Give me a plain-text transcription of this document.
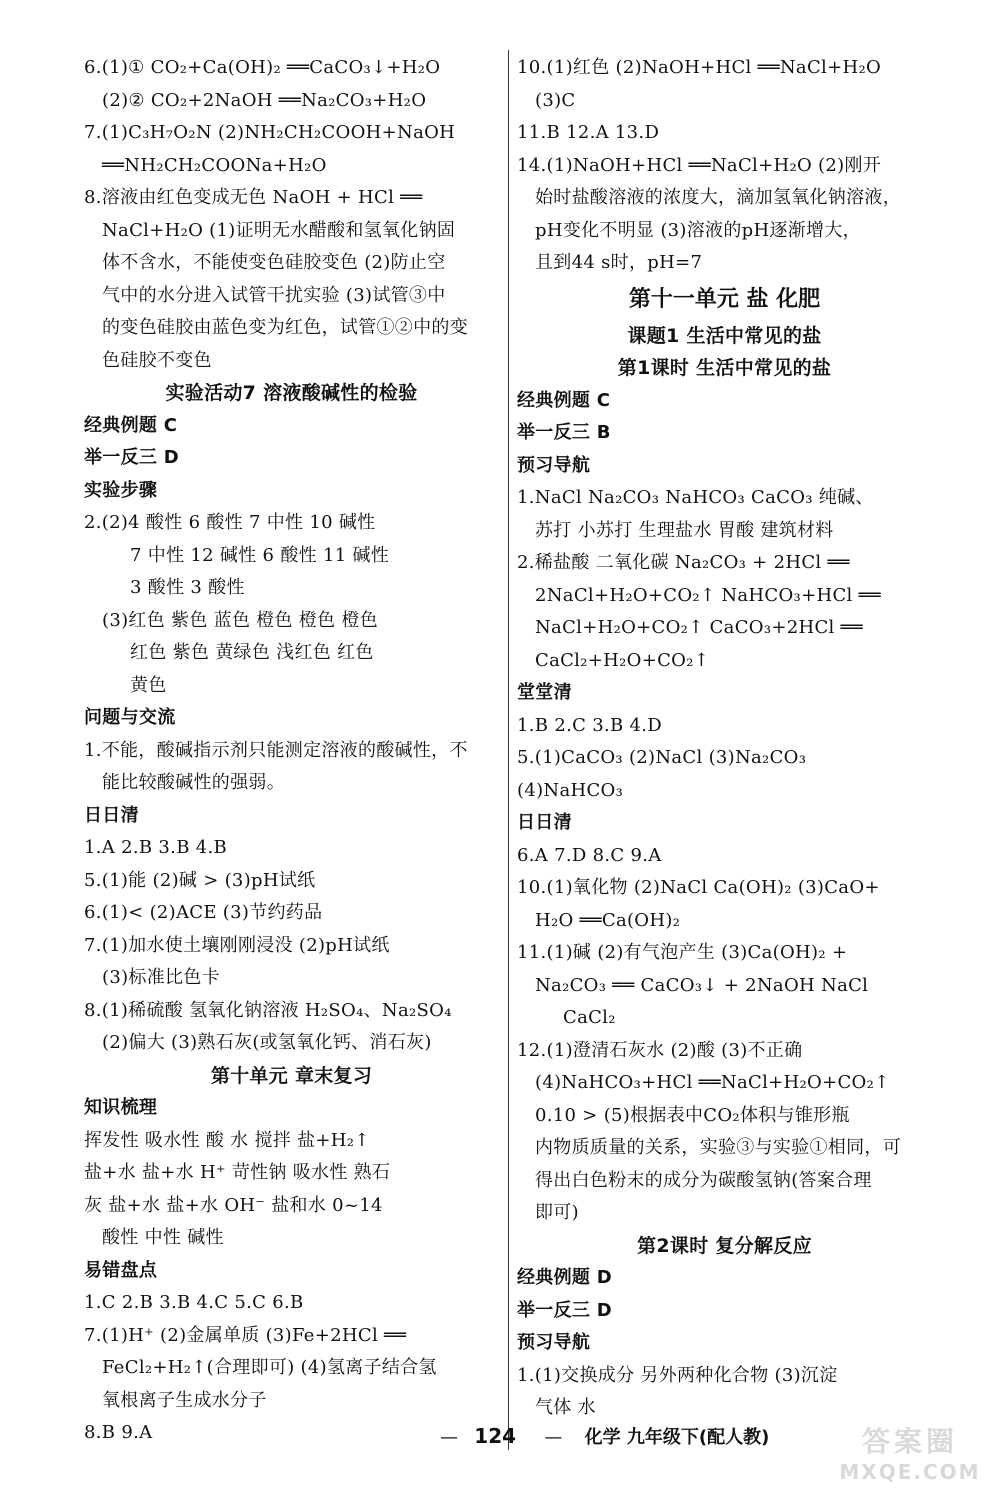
6.(1)① CO₂+Ca(OH)₂ ══CaCO₃↓+H₂O
(2)② CO₂+2NaOH ══Na₂CO₃+H₂O
7.(1)C₃H₇O₂N (2)NH₂CH₂COOH+NaOH
══NH₂CH₂COONa+H₂O
8.溶液由红色变成无色 NaOH + HCl ══
NaCl+H₂O (1)证明无水醋酸和氢氧化钠固
体不含水，不能使变色硅胶变色 (2)防止空
气中的水分进入试管干扰实验 (3)试管③中
的变色硅胶由蓝色变为红色，试管①②中的变
色硅胶不变色
实验活动7 溶液酸碱性的检验
经典例题 C
举一反三 D
实验步骤
2.(2)4 酸性 6 酸性 7 中性 10 碱性
7 中性 12 碱性 6 酸性 11 碱性
3 酸性 3 酸性
(3)红色 紫色 蓝色 橙色 橙色 橙色
红色 紫色 黄绿色 浅红色 红色
黄色
问题与交流
1.不能，酸碱指示剂只能测定溶液的酸碱性，不
能比较酸碱性的强弱。
日日清
1.A 2.B 3.B 4.B
5.(1)能 (2)碱 > (3)pH试纸
6.(1)< (2)ACE (3)节约药品
7.(1)加水使土壤刚刚浸没 (2)pH试纸
(3)标准比色卡
8.(1)稀硫酸 氢氧化钠溶液 H₂SO₄、Na₂SO₄
(2)偏大 (3)熟石灰(或氢氧化钙、消石灰)
第十单元 章末复习
知识梳理
挥发性 吸水性 酸 水 搅拌 盐+H₂↑
盐+水 盐+水 H⁺ 苛性钠 吸水性 熟石
灰 盐+水 盐+水 OH⁻ 盐和水 0~14
酸性 中性 碱性
易错盘点
1.C 2.B 3.B 4.C 5.C 6.B
7.(1)H⁺ (2)金属单质 (3)Fe+2HCl ══
FeCl₂+H₂↑(合理即可) (4)氢离子结合氢
氧根离子生成水分子
8.B 9.A
10.(1)红色 (2)NaOH+HCl ══NaCl+H₂O
(3)C
11.B 12.A 13.D
14.(1)NaOH+HCl ══NaCl+H₂O (2)刚开
始时盐酸溶液的浓度大，滴加氢氧化钠溶液，
pH变化不明显 (3)溶液的pH逐渐增大，
且到44 s时，pH=7
第十一单元 盐 化肥
课题1 生活中常见的盐
第1课时 生活中常见的盐
经典例题 C
举一反三 B
预习导航
1.NaCl Na₂CO₃ NaHCO₃ CaCO₃ 纯碱、
苏打 小苏打 生理盐水 胃酸 建筑材料
2.稀盐酸 二氧化碳 Na₂CO₃ + 2HCl ══
2NaCl+H₂O+CO₂↑ NaHCO₃+HCl ══
NaCl+H₂O+CO₂↑ CaCO₃+2HCl ══
CaCl₂+H₂O+CO₂↑
堂堂清
1.B 2.C 3.B 4.D
5.(1)CaCO₃ (2)NaCl (3)Na₂CO₃
(4)NaHCO₃
日日清
6.A 7.D 8.C 9.A
10.(1)氧化物 (2)NaCl Ca(OH)₂ (3)CaO+
H₂O ══Ca(OH)₂
11.(1)碱 (2)有气泡产生 (3)Ca(OH)₂ +
Na₂CO₃ ══ CaCO₃↓ + 2NaOH NaCl
CaCl₂
12.(1)澄清石灰水 (2)酸 (3)不正确
(4)NaHCO₃+HCl ══NaCl+H₂O+CO₂↑
0.10 > (5)根据表中CO₂体积与锥形瓶
内物质质量的关系，实验③与实验①相同，可
得出白色粉末的成分为碳酸氢钠(答案合理
即可)
第2课时 复分解反应
经典例题 D
举一反三 D
预习导航
1.(1)交换成分 另外两种化合物 (3)沉淀
气体 水
— 124 — 化学 九年级下(配人教)	答案圈
MXQE.COM
